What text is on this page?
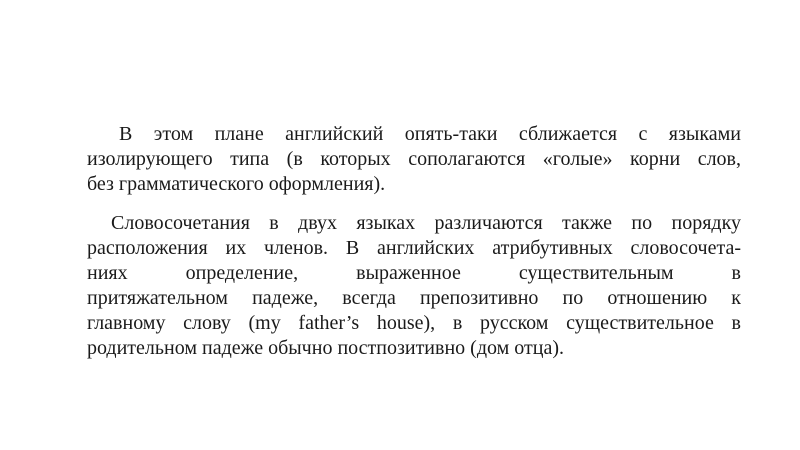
В этом плане английский опять-таки сближается с языками
изолирующего типа (в которых сополагаются «голые» корни слов,
без грамматического оформления).
Словосочетания в двух языках различаются также по порядку
расположения их членов. В английских атрибутивных словосочета-
ниях определение, выраженное существительным в
притяжательном падеже, всегда препозитивно по отношению к
главному слову (my father’s house), в русском существительное в
родительном падеже обычно постпозитивно (дом отца).
